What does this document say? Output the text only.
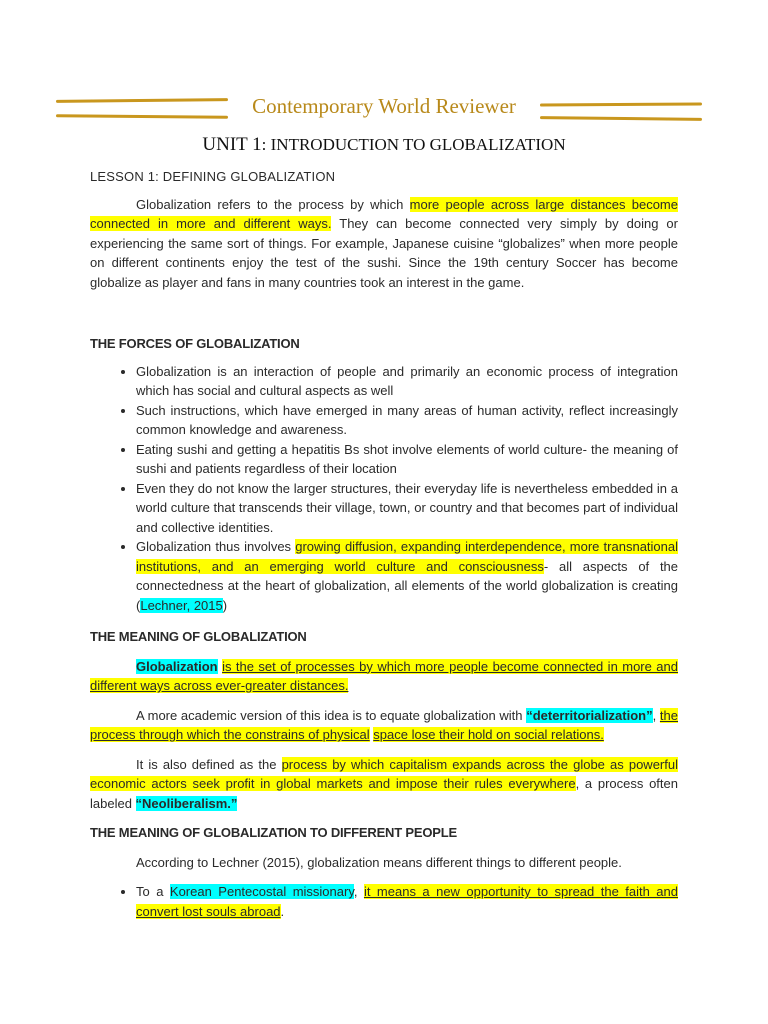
Contemporary World Reviewer
UNIT 1: INTRODUCTION TO GLOBALIZATION
LESSON 1: DEFINING GLOBALIZATION

Globalization refers to the process by which more people across large distances become connected in more and different ways. They can become connected very simply by doing or experiencing the same sort of things. For example, Japanese cuisine “globalizes” when more people on different continents enjoy the test of the sushi. Since the 19th century Soccer has become globalize as player and fans in many countries took an interest in the game.

THE FORCES OF GLOBALIZATION
• Globalization is an interaction of people and primarily an economic process of integration which has social and cultural aspects as well
• Such instructions, which have emerged in many areas of human activity, reflect increasingly common knowledge and awareness.
• Eating sushi and getting a hepatitis Bs shot involve elements of world culture- the meaning of sushi and patients regardless of their location
• Even they do not know the larger structures, their everyday life is nevertheless embedded in a world culture that transcends their village, town, or country and that becomes part of individual and collective identities.
• Globalization thus involves growing diffusion, expanding interdependence, more transnational institutions, and an emerging world culture and consciousness- all aspects of the connectedness at the heart of globalization, all elements of the world globalization is creating (Lechner, 2015)
THE MEANING OF GLOBALIZATION

Globalization is the set of processes by which more people become connected in more and different ways across ever-greater distances.

A more academic version of this idea is to equate globalization with “deterritorialization”, the process through which the constrains of physical space lose their hold on social relations.

It is also defined as the process by which capitalism expands across the globe as powerful economic actors seek profit in global markets and impose their rules everywhere, a process often labeled “Neoliberalism.”

THE MEANING OF GLOBALIZATION TO DIFFERENT PEOPLE

According to Lechner (2015), globalization means different things to different people.

• To a Korean Pentecostal missionary, it means a new opportunity to spread the faith and convert lost souls abroad.
